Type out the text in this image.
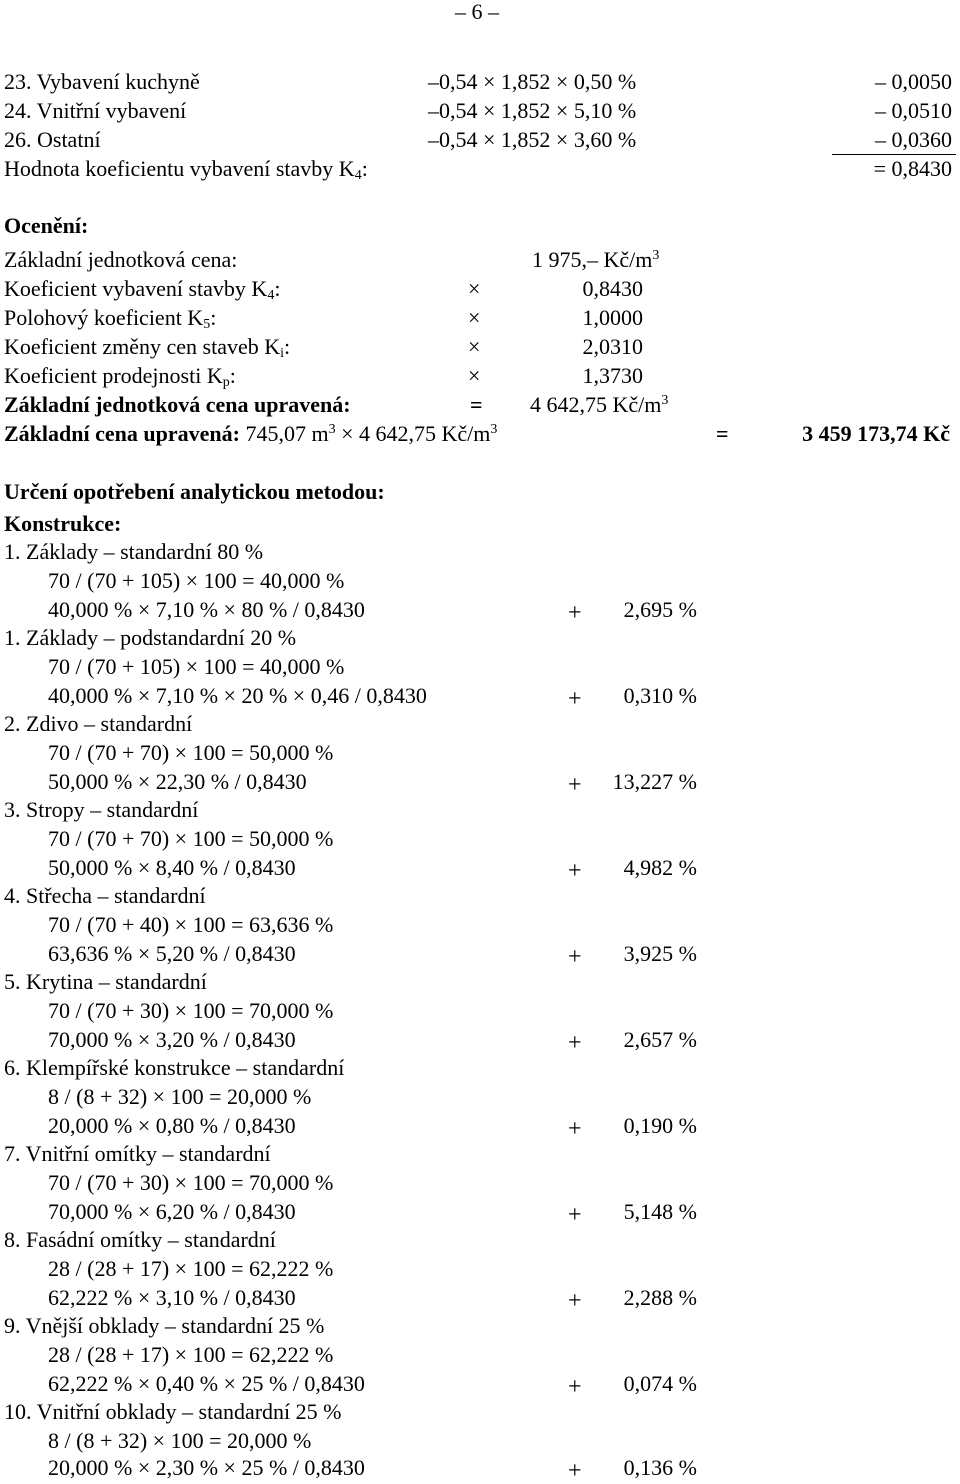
– 6 –
23. Vybavení kuchyně	–0,54 × 1,852 × 0,50 %	– 0,0050
24. Vnitřní vybavení	–0,54 × 1,852 × 5,10 %	– 0,0510
26. Ostatní	–0,54 × 1,852 × 3,60 %	– 0,0360
Hodnota koeficientu vybavení stavby $K_4$:	= 0,8430
Ocenění:
Základní jednotková cena:	1 975,– $Kč/m^3$
Koeficient vybavení stavby $K_4$:	×	0,8430
Polohový koeficient $K_5$:	×	1,0000
Koeficient změny cen staveb $K_i$:	×	2,0310
Koeficient prodejnosti $K_p$:	×	1,3730
Základní jednotková cena upravená:	= 4 642,75 $Kč/m^3$
Základní cena upravená: 745,07 $m^3 \times 4$ 642,75 $Kč/m^3$	=	3 459 173,74 Kč
Určení opotřebení analytickou metodou:
Konstrukce:
1. Základy – standardní 80 %
70 / (70 + 105) × 100 = 40,000 %
40,000 % × 7,10 % × 80 % / 0,8430	+ 2,695 %
1. Základy – podstandardní 20 %
70 / (70 + 105) × 100 = 40,000 %
40,000 % × 7,10 % × 20 % × 0,46 / 0,8430	+ 0,310 %
2. Zdivo – standardní
70 / (70 + 70) × 100 = 50,000 %
50,000 % × 22,30 % / 0,8430	+ 13,227 %
3. Stropy – standardní
70 / (70 + 70) × 100 = 50,000 %
50,000 % × 8,40 % / 0,8430	+ 4,982 %
4. Střecha – standardní
70 / (70 + 40) × 100 = 63,636 %
63,636 % × 5,20 % / 0,8430	+ 3,925 %
5. Krytina – standardní
70 / (70 + 30) × 100 = 70,000 %
70,000 % × 3,20 % / 0,8430	+ 2,657 %
6. Klempířské konstrukce – standardní
8 / (8 + 32) × 100 = 20,000 %
20,000 % × 0,80 % / 0,8430	+ 0,190 %
7. Vnitřní omítky – standardní
70 / (70 + 30) × 100 = 70,000 %
70,000 % × 6,20 % / 0,8430	+ 5,148 %
8. Fasádní omítky – standardní
28 / (28 + 17) × 100 = 62,222 %
62,222 % × 3,10 % / 0,8430	+ 2,288 %
9. Vnější obklady – standardní 25 %
28 / (28 + 17) × 100 = 62,222 %
62,222 % × 0,40 % × 25 % / 0,8430	+ 0,074 %
10. Vnitřní obklady – standardní 25 %
8 / (8 + 32) × 100 = 20,000 %
20,000 % × 2,30 % × 25 % / 0,8430	+ 0,136 %
